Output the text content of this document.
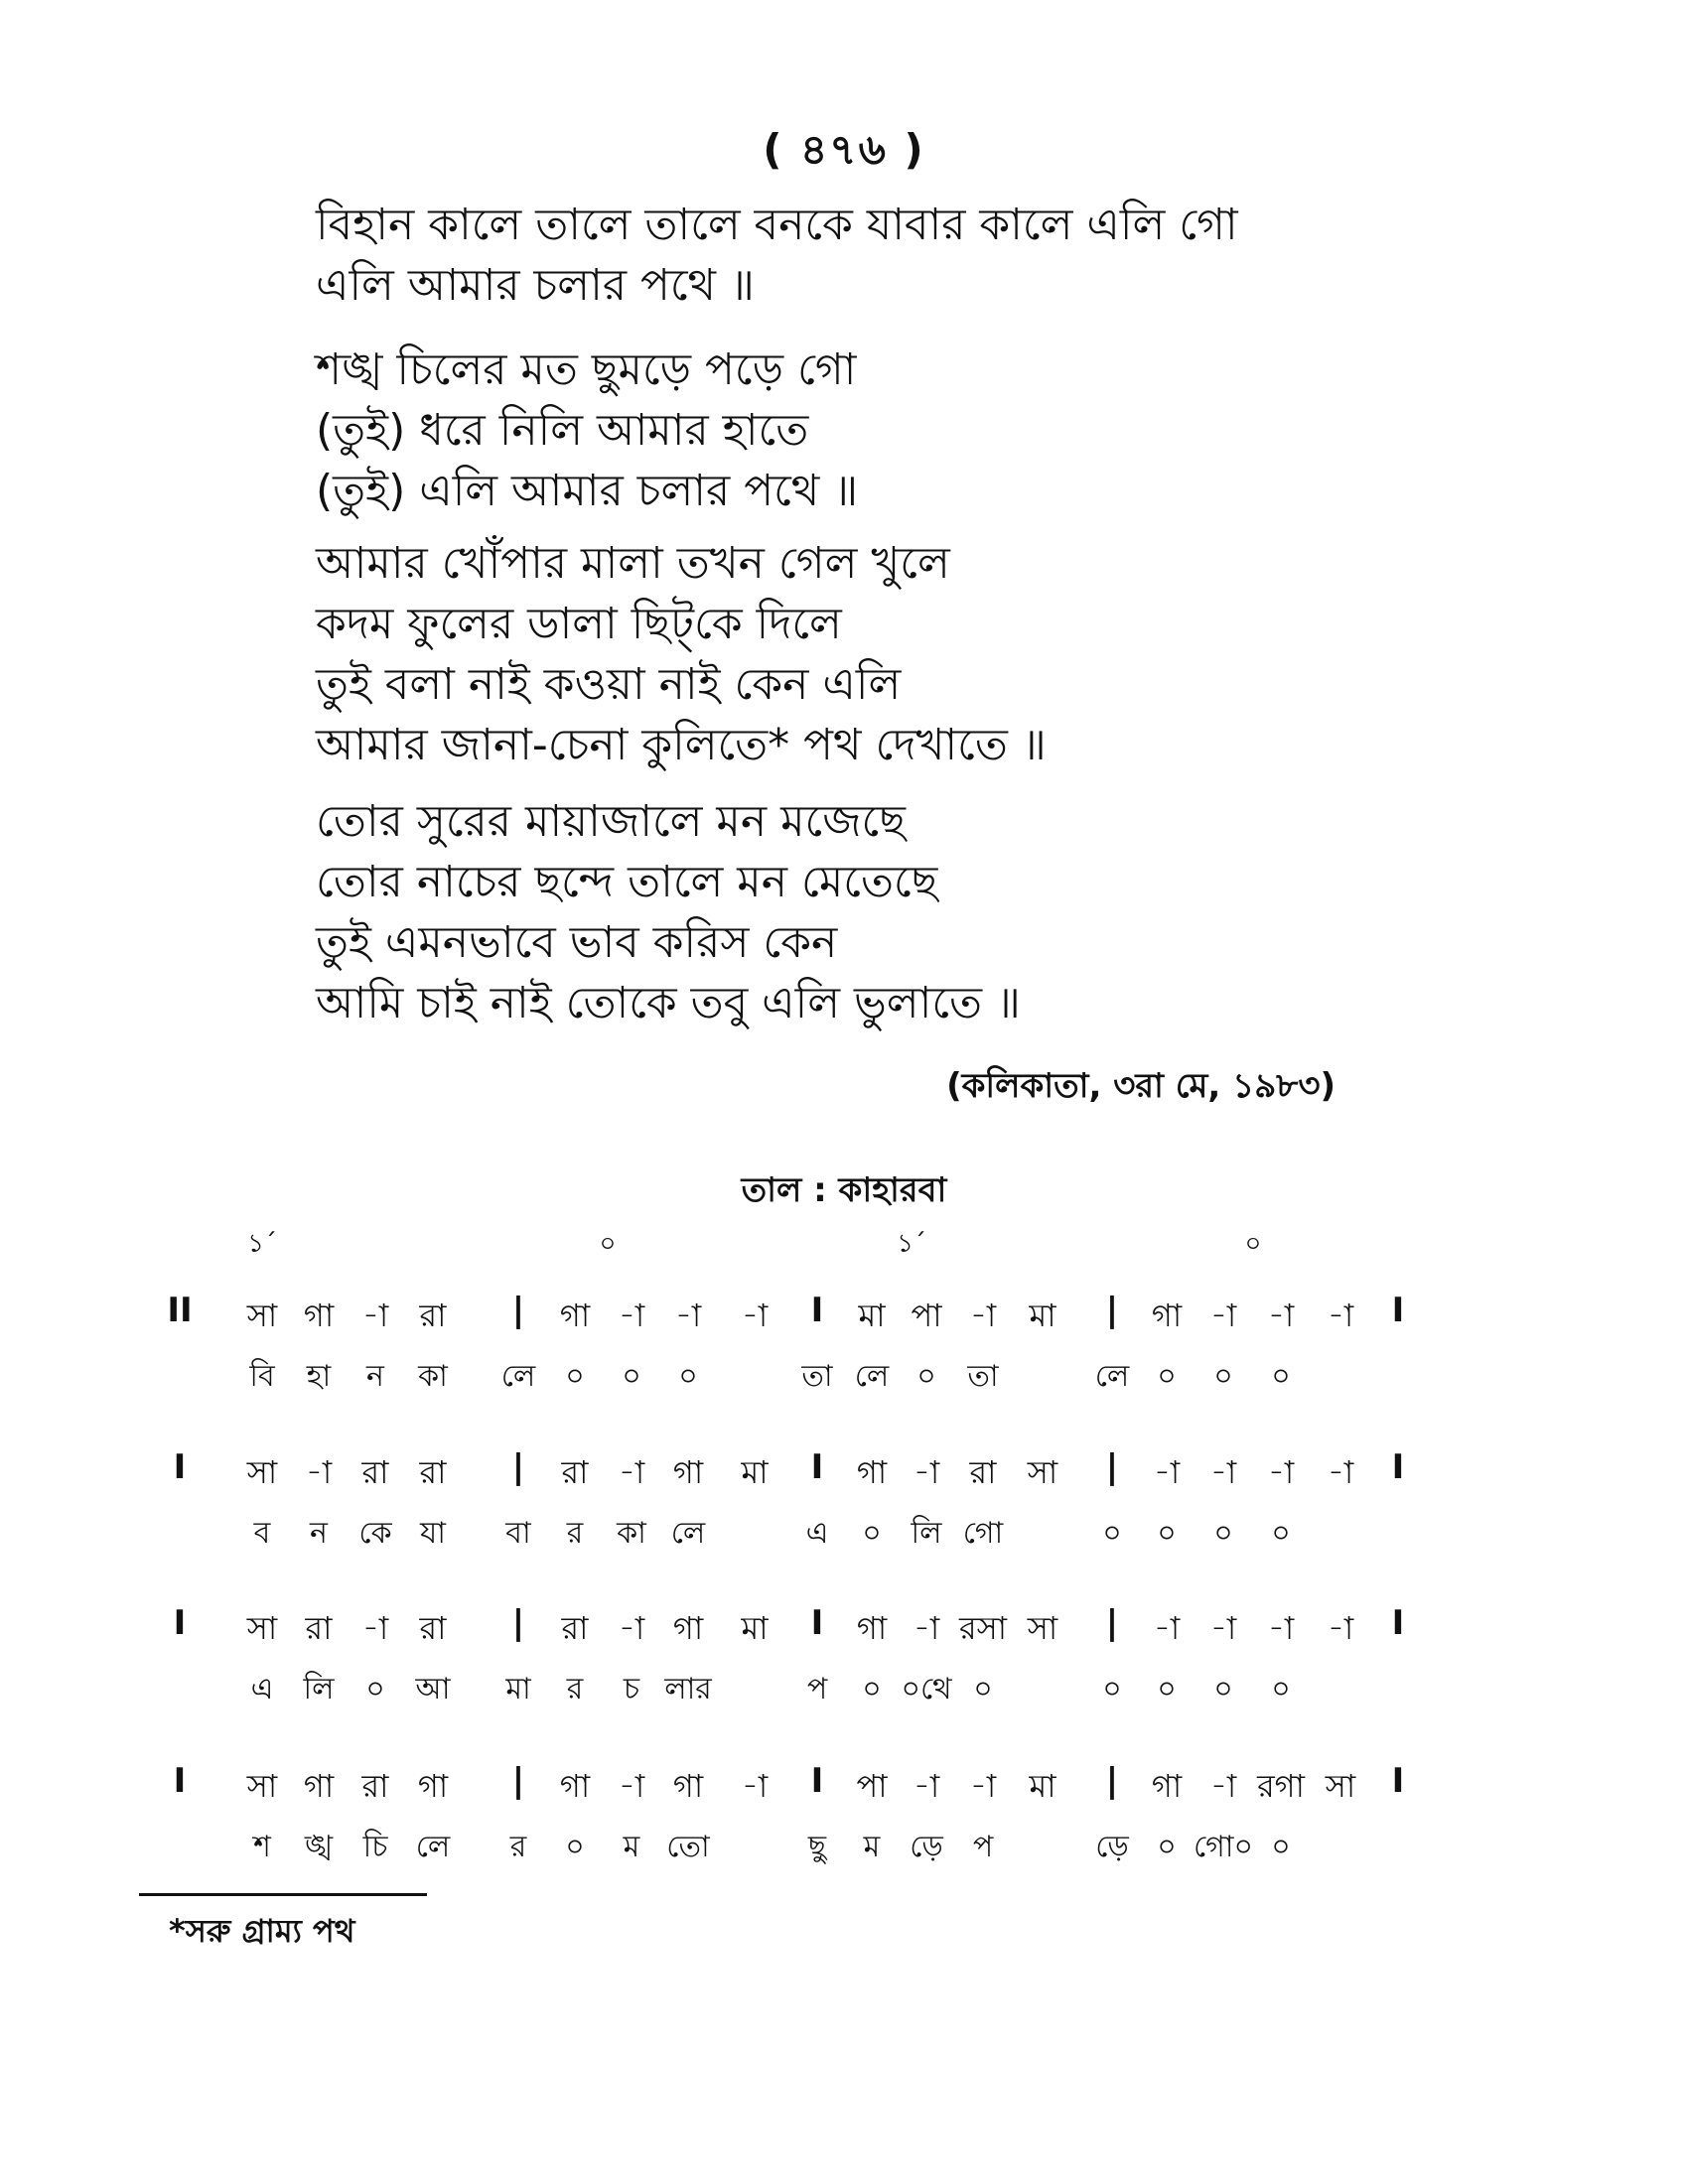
( ৪৭৬ )
বিহান কালে তালে তালে বনকে যাবার কালে এলি গো
এলি আমার চলার পথে ॥
শঙ্খ চিলের মত ছুমড়ে পড়ে গো
(তুই) ধরে নিলি আমার হাতে
(তুই) এলি আমার চলার পথে ॥
আমার খোঁপার মালা তখন গেল খুলে
কদম ফুলের ডালা ছিট্‌কে দিলে
তুই বলা নাই কওয়া নাই কেন এলি
আমার জানা-চেনা কুলিতে* পথ দেখাতে ॥
তোর সুরের মায়াজালে মন মজেছে
তোর নাচের ছন্দে তালে মন মেতেছে
তুই এমনভাবে ভাব করিস কেন
আমি চাই নাই তোকে তবু এলি ভুলাতে ॥
(কলিকাতা, ৩রা মে, ১৯৮৩)
তাল : কাহারবা
১´	০	১´	০
II সা গা -া রা | গা -া -া -া I মা পা -া মা | গা -া -া -া I
বি হা ন কা লে ০ ০ ০	তা লে ০ তা	লে ০ ০ ০
I সা -া রা রা | রা -া গা মা I গা -া রা সা | -া -া -া -া I
ব ন কে যা বা র কা লে	এ ০ লি গো	০ ০ ০ ০
I সা রা -া রা | রা -া গা মা I গা -া রসা সা | -া -া -া -া I
এ লি ০ আ মা র চ লার	প ০ ০থে ০	০ ০ ০ ০
I সা গা রা গা | গা -া গা -া I পা -া -া মা | গা -া রগা সা I
শ ঙ্খ চি লে র ০ ম তো	ছু ম ড়ে প	ড়ে ০ গো০ ০
*সরু গ্রাম্য পথ
